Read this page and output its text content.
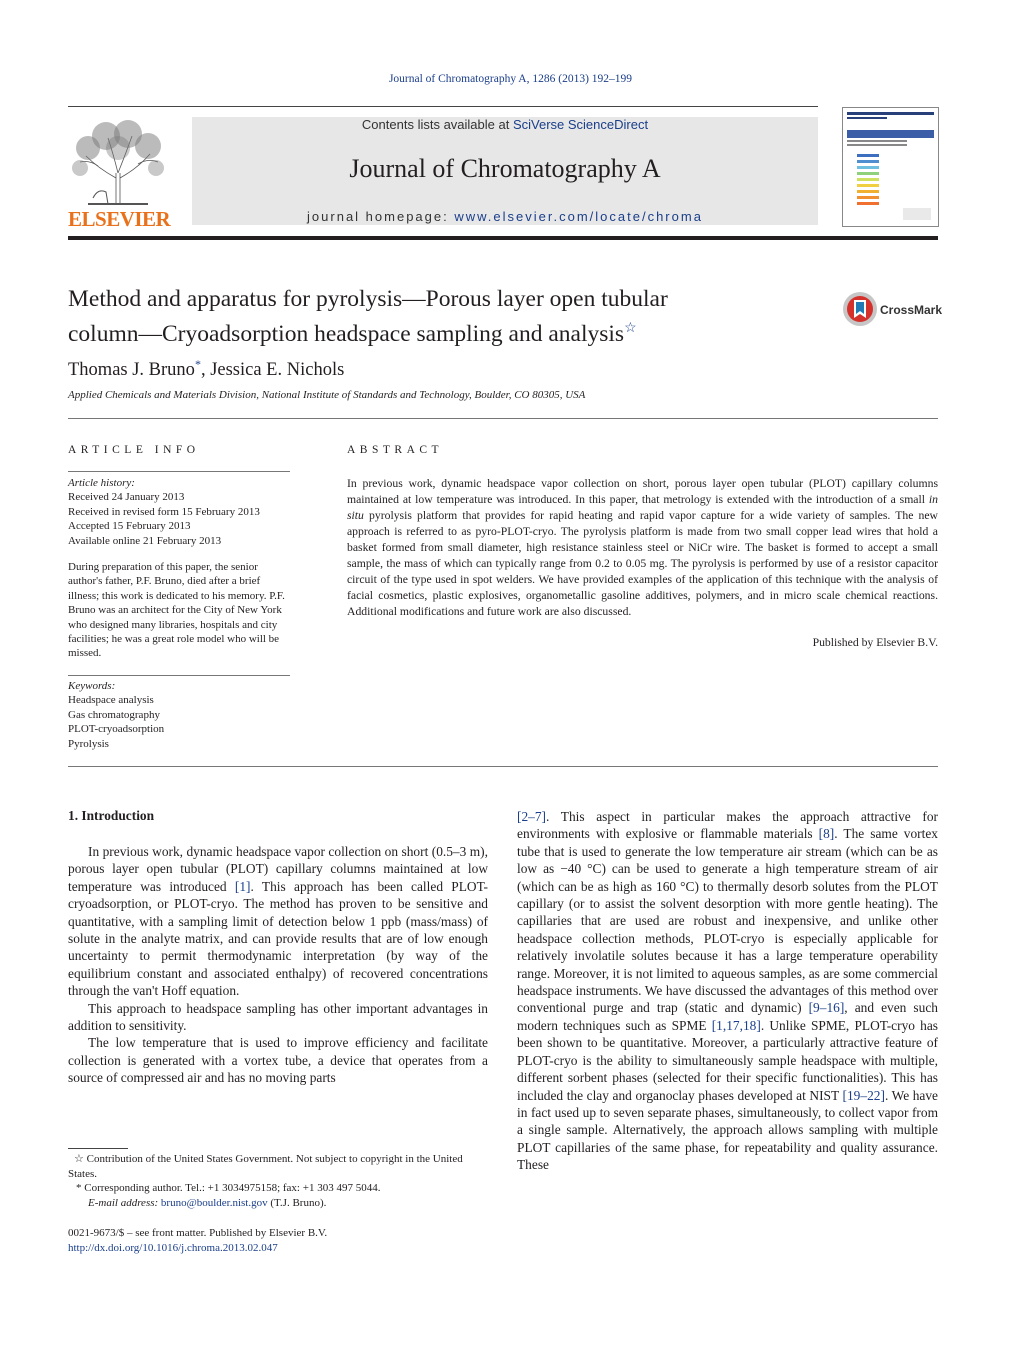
Journal of Chromatography A, 1286 (2013) 192–199
ELSEVIER
Contents lists available at SciVerse ScienceDirect
Journal of Chromatography A
journal homepage: www.elsevier.com/locate/chroma
Method and apparatus for pyrolysis—Porous layer open tubular
column—Cryoadsorption headspace sampling and analysis☆
CrossMark
Thomas J. Bruno*, Jessica E. Nichols
Applied Chemicals and Materials Division, National Institute of Standards and Technology, Boulder, CO 80305, USA
ARTICLE INFO
Article history:
Received 24 January 2013
Received in revised form 15 February 2013
Accepted 15 February 2013
Available online 21 February 2013
During preparation of this paper, the senior author's father, P.F. Bruno, died after a brief illness; this work is dedicated to his memory. P.F. Bruno was an architect for the City of New York who designed many libraries, hospitals and city facilities; he was a great role model who will be missed.
Keywords:
Headspace analysis
Gas chromatography
PLOT-cryoadsorption
Pyrolysis
ABSTRACT
In previous work, dynamic headspace vapor collection on short, porous layer open tubular (PLOT) capillary columns maintained at low temperature was introduced. In this paper, that metrology is extended with the introduction of a small in situ pyrolysis platform that provides for rapid heating and rapid vapor capture for a wide variety of samples. The new approach is referred to as pyro-PLOT-cryo. The pyrolysis platform is made from two small copper lead wires that hold a basket formed from small diameter, high resistance stainless steel or NiCr wire. The basket is formed to accept a small sample, the mass of which can typically range from 0.2 to 0.05 mg. The pyrolysis is performed by use of a resistor capacitor circuit of the type used in spot welders. We have provided examples of the application of this technique with the analysis of facial cosmetics, plastic explosives, organometallic gasoline additives, polymers, and in micro scale chemical reactions. Additional modifications and future work are also discussed.
Published by Elsevier B.V.
1. Introduction

In previous work, dynamic headspace vapor collection on short (0.5–3 m), porous layer open tubular (PLOT) capillary columns maintained at low temperature was introduced [1]. This approach has been called PLOT-cryoadsorption, or PLOT-cryo. The method has proven to be sensitive and quantitative, with a sampling limit of detection below 1 ppb (mass/mass) of solute in the analyte matrix, and can provide results that are of low enough uncertainty to permit thermodynamic interpretation (by way of the equilibrium constant and associated enthalpy) of recovered concentrations through the van't Hoff equation.

This approach to headspace sampling has other important advantages in addition to sensitivity.

The low temperature that is used to improve efficiency and facilitate collection is generated with a vortex tube, a device that operates from a source of compressed air and has no moving parts

[2–7]. This aspect in particular makes the approach attractive for environments with explosive or flammable materials [8]. The same vortex tube that is used to generate the low temperature air stream (which can be as low as −40 °C) can be used to generate a high temperature stream of air (which can be as high as 160 °C) to thermally desorb solutes from the PLOT capillary (or to assist the solvent desorption with more gentle heating). The capillaries that are used are robust and inexpensive, and unlike other headspace collection methods, PLOT-cryo is especially applicable for relatively involatile solutes because it has a large temperature operability range. Moreover, it is not limited to aqueous samples, as are some commercial headspace instruments. We have discussed the advantages of this method over conventional purge and trap (static and dynamic) [9–16], and even such modern techniques such as SPME [1,17,18]. Unlike SPME, PLOT-cryo has been shown to be quantitative. Moreover, a particularly attractive feature of PLOT-cryo is the ability to simultaneously sample headspace with multiple, different sorbent phases (selected for their specific functionalities). This has included the clay and organoclay phases developed at NIST [19–22]. We have in fact used up to seven separate phases, simultaneously, to collect vapor from a single sample. Alternatively, the approach allows sampling with multiple PLOT capillaries of the same phase, for repeatability and quality assurance. These

☆ Contribution of the United States Government. Not subject to copyright in the United States.
* Corresponding author. Tel.: +1 3034975158; fax: +1 303 497 5044.
E-mail address: bruno@boulder.nist.gov (T.J. Bruno).
0021-9673/$ – see front matter. Published by Elsevier B.V.
http://dx.doi.org/10.1016/j.chroma.2013.02.047
